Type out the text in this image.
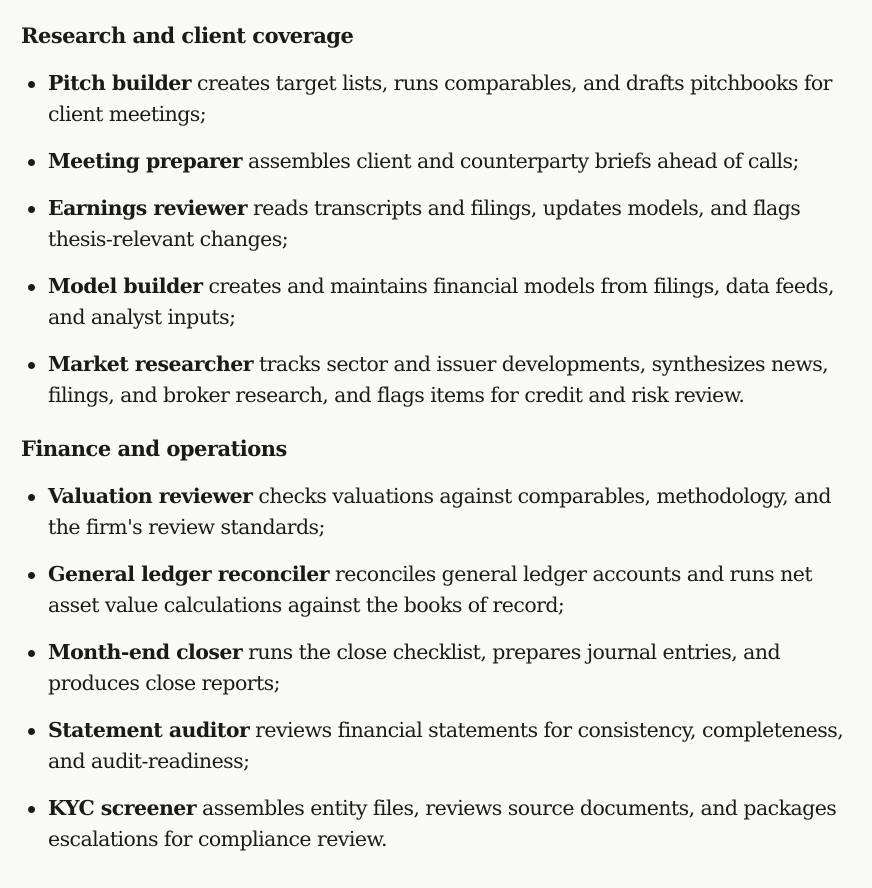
Research and client coverage
Pitch builder creates target lists, runs comparables, and drafts pitchbooks for client meetings;
Meeting preparer assembles client and counterparty briefs ahead of calls;
Earnings reviewer reads transcripts and filings, updates models, and flags thesis-relevant changes;
Model builder creates and maintains financial models from filings, data feeds, and analyst inputs;
Market researcher tracks sector and issuer developments, synthesizes news, filings, and broker research, and flags items for credit and risk review.
Finance and operations
Valuation reviewer checks valuations against comparables, methodology, and the firm's review standards;
General ledger reconciler reconciles general ledger accounts and runs net asset value calculations against the books of record;
Month-end closer runs the close checklist, prepares journal entries, and produces close reports;
Statement auditor reviews financial statements for consistency, completeness, and audit-readiness;
KYC screener assembles entity files, reviews source documents, and packages escalations for compliance review.
